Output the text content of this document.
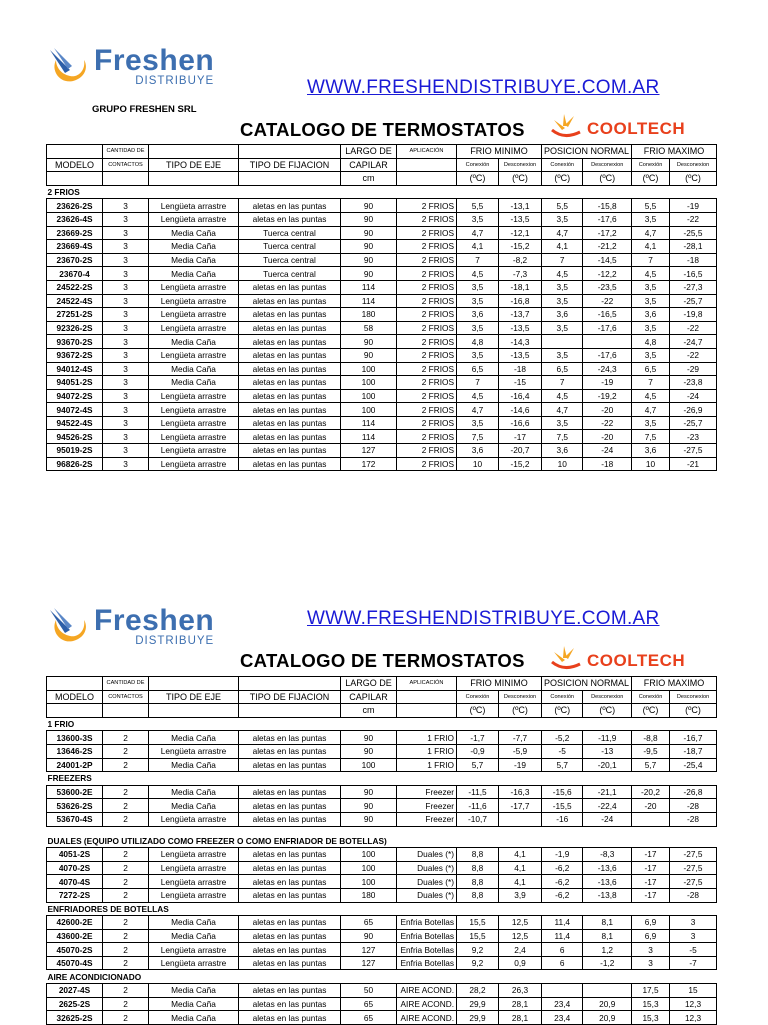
Freshen
DISTRIBUYE
GRUPO FRESHEN SRL
WWW.FRESHENDISTRIBUYE.COM.AR
CATALOGO DE TERMOSTATOS	COOLTECH
	CANTIDAD DE			LARGO DE	APLICACIÓN	FRIO MINIMO		POSICION NORMAL		FRIO MAXIMO	
MODELO	CONTACTOS	TIPO DE EJE	TIPO DE FIJACION	CAPILAR		Conexión	Desconexion	Conexión	Desconexion	Conexión	Desconexion
				cm		(ºC)	(ºC)	(ºC)	(ºC)	(ºC)	(ºC)
2 FRIOS											
23626-2S	3	Lengüeta arrastre	aletas en las puntas	90	2 FRIOS	5,5	-13,1	5,5	-15,8	5,5	-19
23626-4S	3	Lengüeta arrastre	aletas en las puntas	90	2 FRIOS	3,5	-13,5	3,5	-17,6	3,5	-22
23669-2S	3	Media Caña	Tuerca central	90	2 FRIOS	4,7	-12,1	4,7	-17,2	4,7	-25,5
23669-4S	3	Media Caña	Tuerca central	90	2 FRIOS	4,1	-15,2	4,1	-21,2	4,1	-28,1
23670-2S	3	Media Caña	Tuerca central	90	2 FRIOS	7	-8,2	7	-14,5	7	-18
23670-4	3	Media Caña	Tuerca central	90	2 FRIOS	4,5	-7,3	4,5	-12,2	4,5	-16,5
24522-2S	3	Lengüeta arrastre	aletas en las puntas	114	2 FRIOS	3,5	-18,1	3,5	-23,5	3,5	-27,3
24522-4S	3	Lengüeta arrastre	aletas en las puntas	114	2 FRIOS	3,5	-16,8	3,5	-22	3,5	-25,7
27251-2S	3	Lengüeta arrastre	aletas en las puntas	180	2 FRIOS	3,6	-13,7	3,6	-16,5	3,6	-19,8
92326-2S	3	Lengüeta arrastre	aletas en las puntas	58	2 FRIOS	3,5	-13,5	3,5	-17,6	3,5	-22
93670-2S	3	Media Caña	aletas en las puntas	90	2 FRIOS	4,8	-14,3			4,8	-24,7
93672-2S	3	Lengüeta arrastre	aletas en las puntas	90	2 FRIOS	3,5	-13,5	3,5	-17,6	3,5	-22
94012-4S	3	Media Caña	aletas en las puntas	100	2 FRIOS	6,5	-18	6,5	-24,3	6,5	-29
94051-2S	3	Media Caña	aletas en las puntas	100	2 FRIOS	7	-15	7	-19	7	-23,8
94072-2S	3	Lengüeta arrastre	aletas en las puntas	100	2 FRIOS	4,5	-16,4	4,5	-19,2	4,5	-24
94072-4S	3	Lengüeta arrastre	aletas en las puntas	100	2 FRIOS	4,7	-14,6	4,7	-20	4,7	-26,9
94522-4S	3	Lengüeta arrastre	aletas en las puntas	114	2 FRIOS	3,5	-16,6	3,5	-22	3,5	-25,7
94526-2S	3	Lengüeta arrastre	aletas en las puntas	114	2 FRIOS	7,5	-17	7,5	-20	7,5	-23
95019-2S	3	Lengüeta arrastre	aletas en las puntas	127	2 FRIOS	3,6	-20,7	3,6	-24	3,6	-27,5
96826-2S	3	Lengüeta arrastre	aletas en las puntas	172	2 FRIOS	10	-15,2	10	-18	10	-21
Freshen
DISTRIBUYE
WWW.FRESHENDISTRIBUYE.COM.AR
CATALOGO DE TERMOSTATOS	COOLTECH
	CANTIDAD DE			LARGO DE	APLICACIÓN	FRIO MINIMO		POSICION NORMAL		FRIO MAXIMO	
MODELO	CONTACTOS	TIPO DE EJE	TIPO DE FIJACION	CAPILAR		Conexión	Desconexion	Conexión	Desconexion	Conexión	Desconexion
				cm		(ºC)	(ºC)	(ºC)	(ºC)	(ºC)	(ºC)
1 FRIO											
13600-3S	2	Media Caña	aletas en las puntas	90	1 FRIO	-1,7	-7,7	-5,2	-11,9	-8,8	-16,7
13646-2S	2	Lengüeta arrastre	aletas en las puntas	90	1 FRIO	-0,9	-5,9	-5	-13	-9,5	-18,7
24001-2P	2	Media Caña	aletas en las puntas	100	1 FRIO	5,7	-19	5,7	-20,1	5,7	-25,4
FREEZERS											
53600-2E	2	Media Caña	aletas en las puntas	90	Freezer	-11,5	-16,3	-15,6	-21,1	-20,2	-26,8
53626-2S	2	Media Caña	aletas en las puntas	90	Freezer	-11,6	-17,7	-15,5	-22,4	-20	-28
53670-4S	2	Lengüeta arrastre	aletas en las puntas	90	Freezer	-10,7		-16	-24		-28

DUALES (EQUIPO UTILIZADO COMO FREEZER O COMO ENFRIADOR DE BOTELLAS)											
4051-2S	2	Lengüeta arrastre	aletas en las puntas	100	Duales (*)	8,8	4,1	-1,9	-8,3	-17	-27,5
4070-2S	2	Lengüeta arrastre	aletas en las puntas	100	Duales (*)	8,8	4,1	-6,2	-13,6	-17	-27,5
4070-4S	2	Lengüeta arrastre	aletas en las puntas	100	Duales (*)	8,8	4,1	-6,2	-13,6	-17	-27,5
7272-2S	2	Lengüeta arrastre	aletas en las puntas	180	Duales (*)	8,8	3,9	-6,2	-13,8	-17	-28
ENFRIADORES DE BOTELLAS											
42600-2E	2	Media Caña	aletas en las puntas	65	Enfria Botellas	15,5	12,5	11,4	8,1	6,9	3
43600-2E	2	Media Caña	aletas en las puntas	90	Enfria Botellas	15,5	12,5	11,4	8,1	6,9	3
45070-2S	2	Lengüeta arrastre	aletas en las puntas	127	Enfria Botellas	9,2	2,4	6	1,2	3	-5
45070-4S	2	Lengüeta arrastre	aletas en las puntas	127	Enfria Botellas	9,2	0,9	6	-1,2	3	-7
AIRE ACONDICIONADO											
2027-4S	2	Media Caña	aletas en las puntas	50	AIRE ACOND.	28,2	26,3			17,5	15
2625-2S	2	Media Caña	aletas en las puntas	65	AIRE ACOND.	29,9	28,1	23,4	20,9	15,3	12,3
32625-2S	2	Media Caña	aletas en las puntas	65	AIRE ACOND.	29,9	28,1	23,4	20,9	15,3	12,3
